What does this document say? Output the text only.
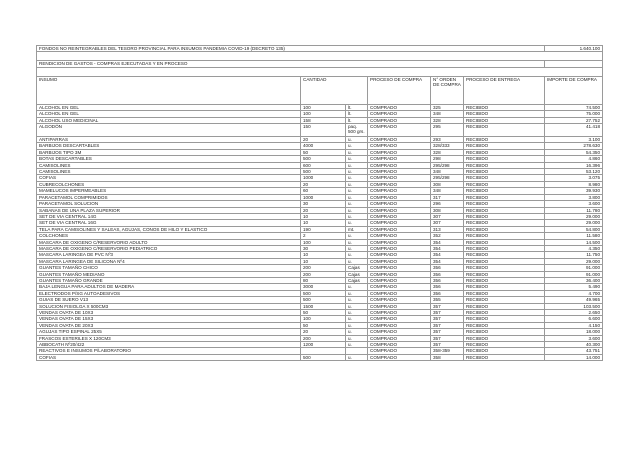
FONDOS NO REINTEGRABLES DEL TESORO PROVINCIAL PARA INSUMOS PANDEMIA COVID-19 (DECRETO 135)						1.640.100

RENDICION DE GASTOS - COMPRAS EJECUTADAS Y EN PROCESO						

INSUMO	CANTIDAD		PROCESO DE COMPRA	N° ORDEN DE COMPRA	PROCESO DE ENTREGA	IMPORTE DE COMPRA
ALCOHOL EN GEL	100	lt.	COMPRADO	325	RECIBIDO	74.500
ALCOHOL EN GEL	100	lt.	COMPRADO	348	RECIBIDO	75.000
ALCOHOL USO MEDICINAL	158	lt.	COMPRADO	328	RECIBIDO	27.752
ALGODÓN	150	paq. 500 grs.	COMPRADO	295	RECIBIDO	41.418
ANTIPARRAS	20	u.	COMPRADO	293	RECIBIDO	3.100
BARBIJOS DESCARTABLES	4000	u.	COMPRADO	328/333	RECIBIDO	278.630
BARBIJOS TIPO 3M	50	u.	COMPRADO	328	RECIBIDO	54.350
BOTAS DESCARTABLES	500	u.	COMPRADO	298	RECIBIDO	4.860
CAMISOLINES	600	u.	COMPRADO	295/298	RECIBIDO	16.396
CAMISOLINES	500	u.	COMPRADO	348	RECIBIDO	53.120
COFIAS	1000	u.	COMPRADO	295/298	RECIBIDO	3.075
CUBRECOLCHONES	20	u.	COMPRADO	308	RECIBIDO	8.980
MAMELUCOS IMPERMEABLES	60	u.	COMPRADO	348	RECIBIDO	39.930
PARACETAMOL COMPRIMIDOS	1000	u.	COMPRADO	317	RECIBIDO	3.800
PARACETAMOL SOLUCION	30	u.	COMPRADO	296	RECIBIDO	3.600
SABANAS DE UNA PLAZA SUPERIOR	20	u.	COMPRADO	308	RECIBIDO	11.780
SET DE VIA CENTRAL 14G	10	u.	COMPRADO	307	RECIBIDO	29.000
SET DE VIA CENTRAL 16G	10	u.	COMPRADO	307	RECIBIDO	29.000
TELA PARA CAMISOLINES Y SALEAS, AGUJAS, CONOS DE HILO Y ELASTICO	190	mt.	COMPRADO	313	RECIBIDO	54.800
COLCHONES	2	u.	COMPRADO	352	RECIBIDO	11.580
MASCARA DE OXIGENO C/RESERVORIO ADULTO	100	u.	COMPRADO	354	RECIBIDO	14.500
MASCARA DE OXIGENO C/RESERVORIO PEDIATRICO	30	u.	COMPRADO	354	RECIBIDO	4.350
MASCARA LARINGEA DE PVC Nº3	10	u.	COMPRADO	354	RECIBIDO	11.750
MASCARA LARINGEA DE SILICONA Nº4	10	u.	COMPRADO	354	RECIBIDO	29.000
GUANTES TAMAÑO CHICO	200	Cajas	COMPRADO	356	RECIBIDO	91.000
GUANTES TAMAÑO MEDIANO	200	Cajas	COMPRADO	356	RECIBIDO	91.000
GUANTES TAMAÑO GRANDE	80	Cajas	COMPRADO	356	RECIBIDO	36.400
BAJA LENGUA PARA ADULTOS DE MADERA	3000	u.	COMPRADO	356	RECIBIDO	5.490
ELECTRODOS P/SG AUTOADESIVOS	500	u.	COMPRADO	356	RECIBIDO	4.700
GUIAS DE SUERO V13	500	u.	COMPRADO	355	RECIBIDO	49.965
SOLUCION FISIOLGA X 500CM3	1500	u.	COMPRADO	357	RECIBIDO	103.500
VENDAS OVATA DE 10X3	50	u.	COMPRADO	357	RECIBIDO	2.650
VENDAS OVATA DE 15X3	100	u.	COMPRADO	357	RECIBIDO	6.600
VENDAS OVATA DE 20X3	50	u.	COMPRADO	357	RECIBIDO	4.150
AGUJAS TIPO ESPINAL 25X5	20	u.	COMPRADO	357	RECIBIDO	18.000
FRASCOS ESTERILES X 120CM3	200	u.	COMPRADO	357	RECIBIDO	3.600
ABBOCATH Nº20/422	1200	u.	COMPRADO	357	RECIBIDO	40.300
REACTIVOS E INSUMOS P/LABORATORIO			COMPRADO	358-359	RECIBIDO	43.751
COFIAS	500	u.	COMPRADO	358	RECIBIDO	14.000
